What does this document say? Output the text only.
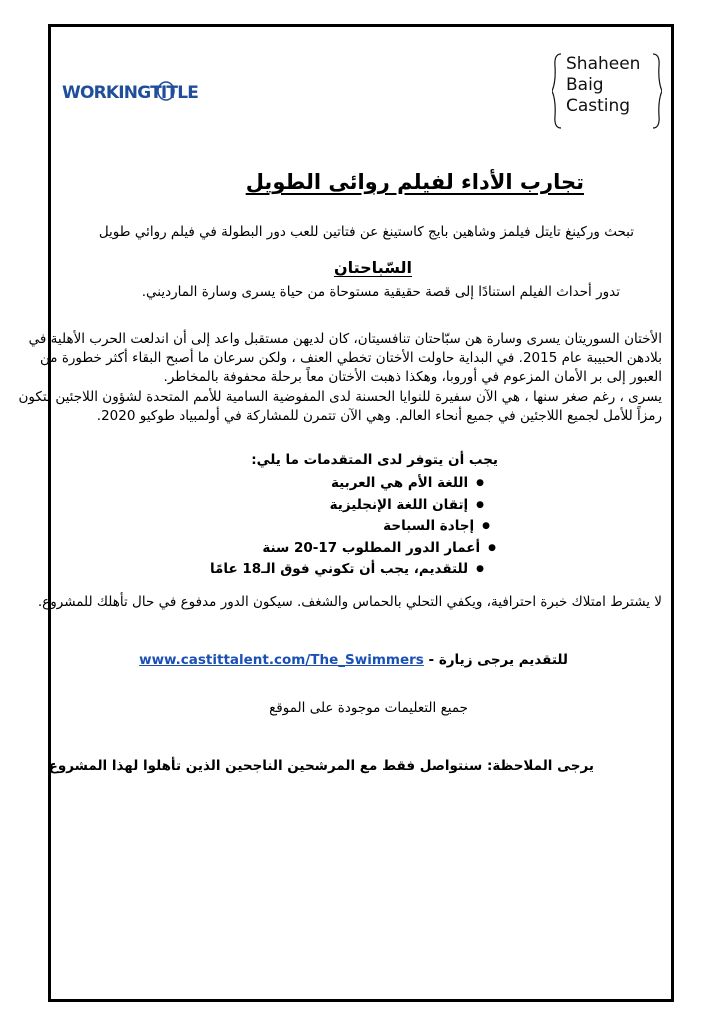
WORKINGTITLE
Shaheen
Baig
Casting
تجارب الأداء لفيلم روائى الطويل
تبحث وركينغ تايتل فيلمز وشاهين بايج كاستينغ عن فتاتين للعب دور البطولة في فيلم روائي طويل
السّباحتان
تدور أحداث الفيلم استنادًا إلى قصة حقيقية مستوحاة من حياة يسرى وسارة المارديني.
الأختان السوريتان يسرى وسارة هن سبّاحتان تنافسيتان، كان لديهن مستقبل واعد إلى أن اندلعت الحرب الأهلية في
بلادهن الحبيبة عام 2015. في البداية حاولت الأختان تخطي العنف ، ولكن سرعان ما أصبح البقاء أكثر خطورة من
العبور إلى بر الأمان المزعوم في أوروبا، وهكذا ذهبت الأختان معاً برحلة محفوفة بالمخاطر.
يسرى ، رغم صغر سنها ، هي الآن سفيرة للنوايا الحسنة لدى المفوضية السامية للأمم المتحدة لشؤون اللاجئين لتكون
رمزاً للأمل لجميع اللاجئين في جميع أنحاء العالم. وهي الآن تتمرن للمشاركة في أولمبياد طوكيو 2020.
يجب أن يتوفر لدى المتقدمات ما يلي:
● اللغة الأم هي العربية
● إتقان اللغة الإنجليزية
● إجادة السباحة
● أعمار الدور المطلوب 17-20 سنة
● للتقديم، يجب أن تكوني فوق الـ18 عامًا
لا يشترط امتلاك خبرة احترافية، ويكفي التحلي بالحماس والشغف. سيكون الدور مدفوع في حال تأهلك للمشروع.
للتقديم يرجى زيارة - www.castittalent.com/The_Swimmers
جميع التعليمات موجودة على الموقع
يرجى الملاحظة: سنتواصل فقط مع المرشحين الناجحين الذين تأهلوا لهذا المشروع
